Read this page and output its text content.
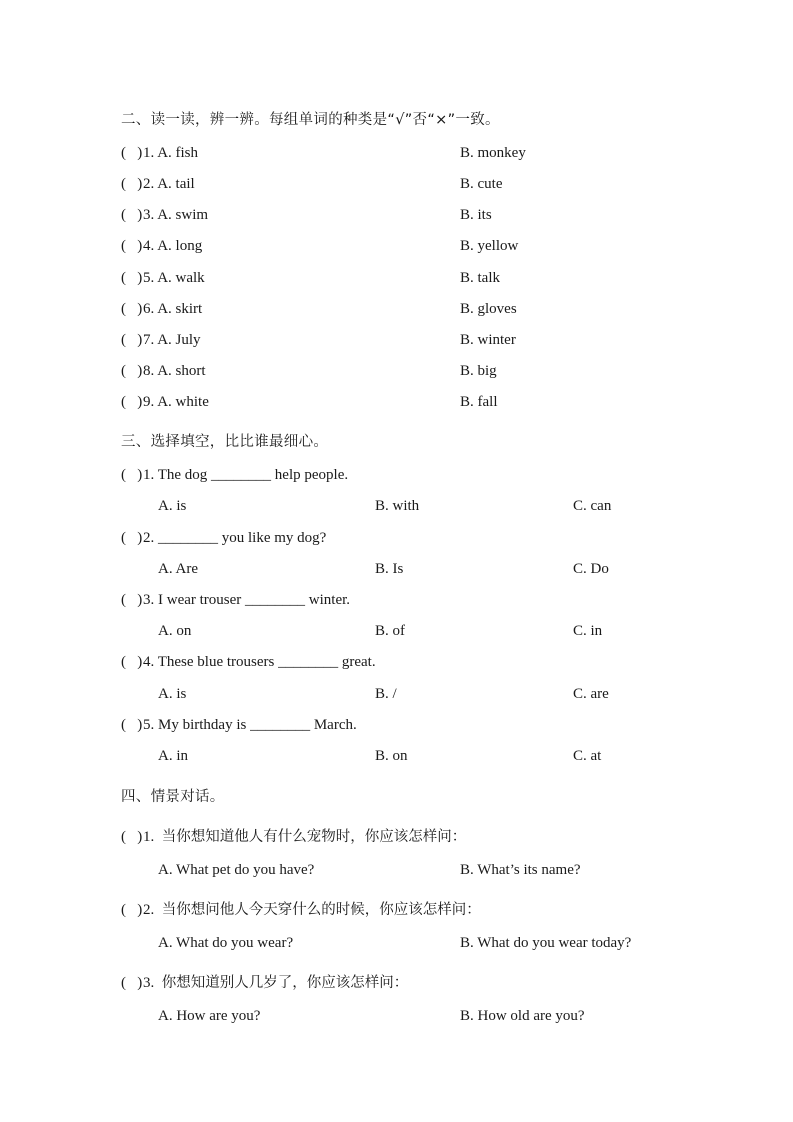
二、读一读，辨一辨。每组单词的种类是“√”否“×”一致。
(   )1. A. fish	B. monkey
(   )2. A. tail	B. cute
(   )3. A. swim	B. its
(   )4. A. long	B. yellow
(   )5. A. walk	B. talk
(   )6. A. skirt	B. gloves
(   )7. A. July	B. winter
(   )8. A. short	B. big
(   )9. A. white	B. fall
三、选择填空，比比谁最细心。
(   )1. The dog ________ help people.
A. is	B. with	C. can
(   )2. ________ you like my dog?
A. Are	B. Is	C. Do
(   )3. I wear trouser ________ winter.
A. on	B. of	C. in
(   )4. These blue trousers ________ great.
A. is	B. /	C. are
(   )5. My birthday is ________ March.
A. in	B. on	C. at
四、情景对话。
(   )1. 当你想知道他人有什么宠物时，你应该怎样问：
A. What pet do you have?	B. What’s its name?
(   )2. 当你想问他人今天穿什么的时候，你应该怎样问：
A. What do you wear?	B. What do you wear today?
(   )3. 你想知道别人几岁了，你应该怎样问：
A. How are you?	B. How old are you?
